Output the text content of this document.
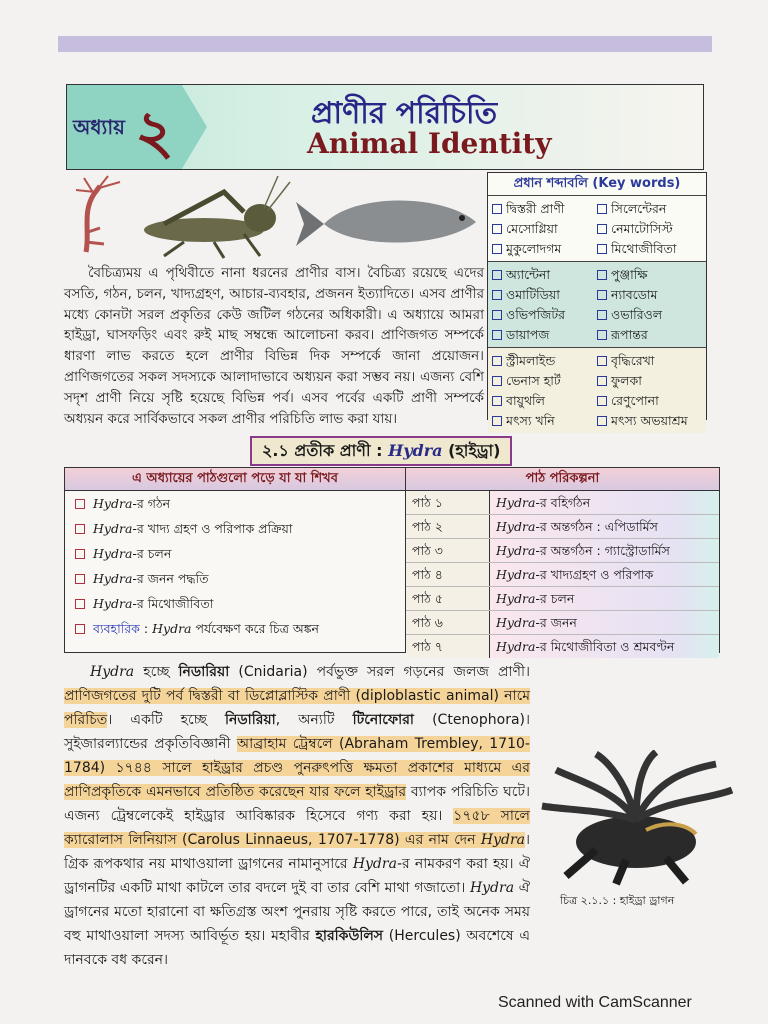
অধ্যায় ২	প্রাণীর পরিচিতি
Animal Identity
প্রধান শব্দাবলি (Key words)
দ্বিস্তরী প্রাণী	সিলেন্টেরন
মেসোগ্লিয়া	নেমাটোসিস্ট
মুকুলোদগম	মিথোজীবিতা
অ্যান্টেনা	পুঞ্জাক্ষি
ওমাটিডিয়া	ন্যাবডোম
ওভিপজিটর	ওভারিওল
ডায়াপজ	রূপান্তর
স্ট্রীমলাইন্ড	বৃদ্ধিরেখা
ভেনাস হার্ট	ফুলকা
বায়ুথলি	রেণুপোনা
মৎস্য খনি	মৎস্য অভয়াশ্রম

বৈচিত্র্যময় এ পৃথিবীতে নানা ধরনের প্রাণীর বাস। বৈচিত্র্য রয়েছে এদের বসতি, গঠন, চলন, খাদ্যগ্রহণ, আচার-ব্যবহার, প্রজনন ইত্যাদিতে। এসব প্রাণীর মধ্যে কোনটা সরল প্রকৃতির কেউ জটিল গঠনের অধিকারী। এ অধ্যায়ে আমরা হাইড্রা, ঘাসফড়িং এবং রুই মাছ সম্বন্ধে আলোচনা করব। প্রাণিজগত সম্পর্কে ধারণা লাভ করতে হলে প্রাণীর বিভিন্ন দিক সম্পর্কে জানা প্রয়োজন। প্রাণিজগতের সকল সদস্যকে আলাদাভাবে অধ্যয়ন করা সম্ভব নয়। এজন্য বেশি সদৃশ প্রাণী নিয়ে সৃষ্টি হয়েছে বিভিন্ন পর্ব। এসব পর্বের একটি প্রাণী সম্পর্কে অধ্যয়ন করে সার্বিকভাবে সকল প্রাণীর পরিচিতি লাভ করা যায়।

২.১ প্রতীক প্রাণী : Hydra (হাইড্রা)
এ অধ্যায়ের পাঠগুলো পড়ে যা যা শিখব	পাঠ পরিকল্পনা
Hydra-র গঠন
Hydra-র খাদ্য গ্রহণ ও পরিপাক প্রক্রিয়া
Hydra-র চলন
Hydra-র জনন পদ্ধতি
Hydra-র মিথোজীবিতা
ব্যবহারিক : Hydra পর্যবেক্ষণ করে চিত্র অঙ্কন
পাঠ ১	Hydra-র বহির্গঠন
পাঠ ২	Hydra-র অন্তর্গঠন : এপিডার্মিস
পাঠ ৩	Hydra-র অন্তর্গঠন : গ্যাস্ট্রোডার্মিস
পাঠ ৪	Hydra-র খাদ্যগ্রহণ ও পরিপাক
পাঠ ৫	Hydra-র চলন
পাঠ ৬	Hydra-র জনন
পাঠ ৭	Hydra-র মিথোজীবিতা ও শ্রমবণ্টন

Hydra হচ্ছে নিডারিয়া (Cnidaria) পর্বভুক্ত সরল গড়নের জলজ প্রাণী। প্রাণিজগতের দুটি পর্ব দ্বিস্তরী বা ডিপ্লোব্লাস্টিক প্রাণী (diploblastic animal) নামে পরিচিত। একটি হচ্ছে নিডারিয়া, অন্যটি টিনোফোরা (Ctenophora)। সুইজারল্যান্ডের প্রকৃতিবিজ্ঞানী আব্রাহাম ট্রেম্বলে (Abraham Trembley, 1710-1784) ১৭৪৪ সালে হাইড্রার প্রচণ্ড পুনরুৎপত্তি ক্ষমতা প্রকাশের মাধ্যমে এর প্রাণিপ্রকৃতিকে এমনভাবে প্রতিষ্ঠিত করেছেন যার ফলে হাইড্রার ব্যাপক পরিচিতি ঘটে। এজন্য ট্রেম্বলেকেই হাইড্রার আবিষ্কারক হিসেবে গণ্য করা হয়। ১৭৫৮ সালে ক্যারোলাস লিনিয়াস (Carolus Linnaeus, 1707-1778) এর নাম দেন Hydra। গ্রিক রূপকথার নয় মাথাওয়ালা ড্রাগনের নামানুসারে Hydra-র নামকরণ করা হয়। ঐ ড্রাগনটির একটি মাথা কাটলে তার বদলে দুই বা তার বেশি মাথা গজাতো। Hydra ঐ ড্রাগনের মতো হারানো বা ক্ষতিগ্রস্ত অংশ পুনরায় সৃষ্টি করতে পারে, তাই অনেক সময় বহু মাথাওয়ালা সদস্য আবির্ভূত হয়। মহাবীর হারকিউলিস (Hercules) অবশেষে এ দানবকে বধ করেন।

চিত্র ২.১.১ : হাইড্রা ড্রাগন
Scanned with CamScanner
